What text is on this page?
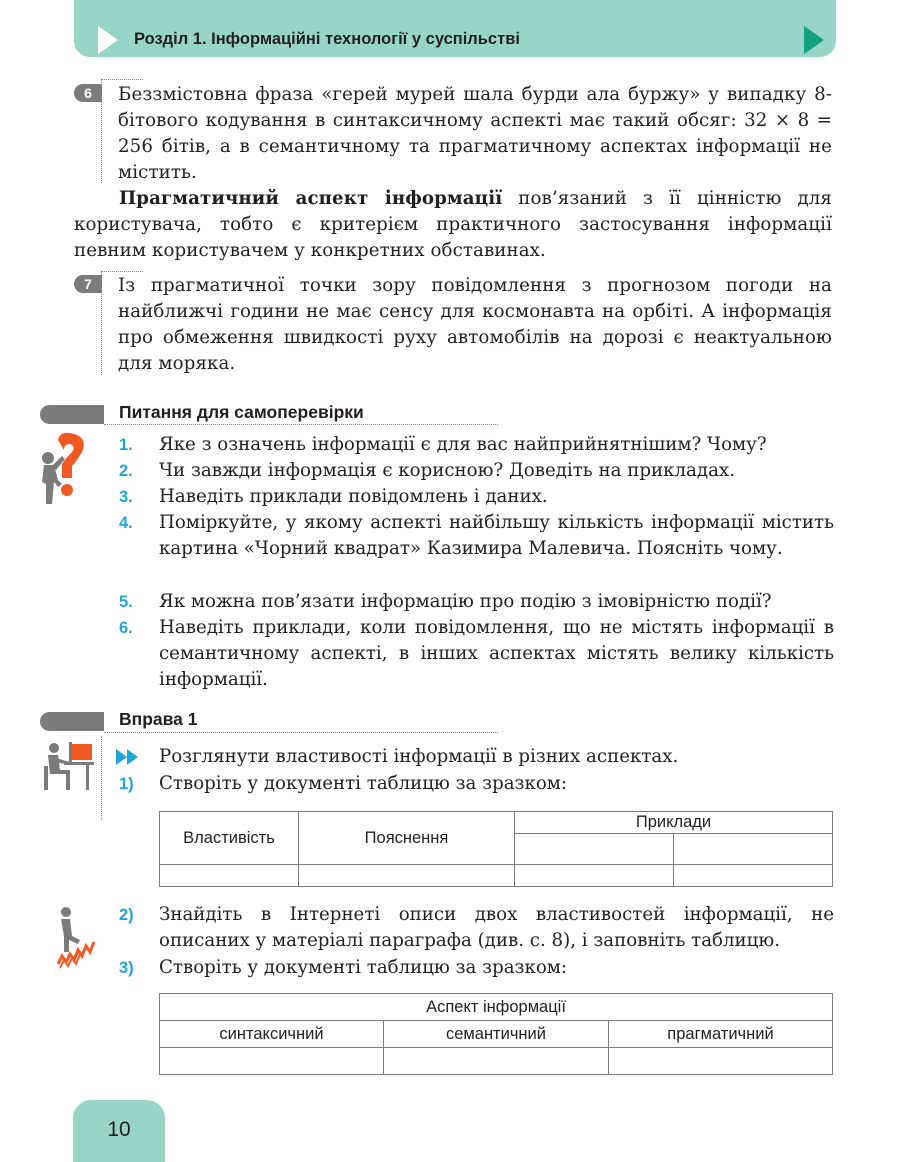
Розділ 1. Інформаційні технології у суспільстві
6	Беззмістовна фраза «герей мурей шала бурди ала буржу» у випадку 8-бітового кодування в синтаксичному аспекті має такий обсяг: 32 × 8 = 256 бітів, а в семантичному та прагматичному аспектах інформації не містить.
Прагматичний аспект інформації пов’язаний з її цінністю для користувача, тобто є критерієм практичного застосування інформації певним користувачем у конкретних обставинах.
7	Із прагматичної точки зору повідомлення з прогнозом погоди на найближчі години не має сенсу для космонавта на орбіті. А інформація про обмеження швидкості руху автомобілів на дорозі є неактуальною для моряка.
Питання для самоперевірки
1. Яке з означень інформації є для вас найприйнятнішим? Чому?
2. Чи завжди інформація є корисною? Доведіть на прикладах.
3. Наведіть приклади повідомлень і даних.
4. Поміркуйте, у якому аспекті найбільшу кількість інформації містить картина «Чорний квадрат» Казимира Малевича. Поясніть чому.
5. Як можна пов’язати інформацію про подію з імовірністю події?
6. Наведіть приклади, коли повідомлення, що не містять інформації в семантичному аспекті, в інших аспектах містять велику кількість інформації.
Вправа 1
Розглянути властивості інформації в різних аспектах.
1) Створіть у документі таблицю за зразком:
Властивість	Пояснення	Приклади	

2) Знайдіть в Інтернеті описи двох властивостей інформації, не описаних у матеріалі параграфа (див. с. 8), і заповніть таблицю.
3) Створіть у документі таблицю за зразком:
Аспект інформації		
синтаксичний	семантичний	прагматичний

10
